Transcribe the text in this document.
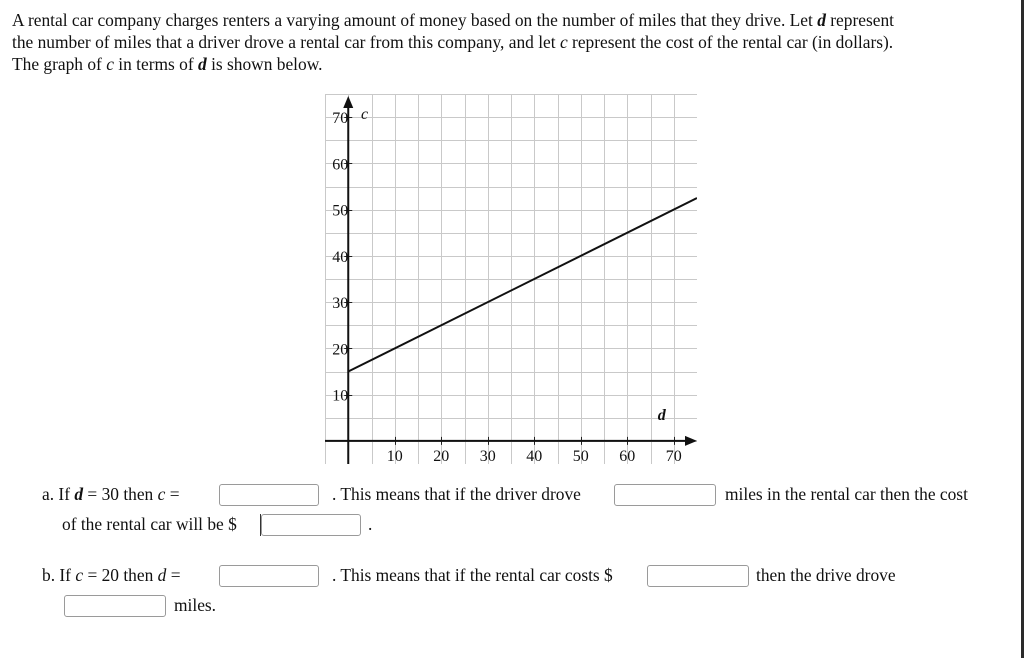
A rental car company charges renters a varying amount of money based on the number of miles that they drive. Let d represent

the number of miles that a driver drove a rental car from this company, and let c represent the cost of the rental car (in dollars).

The graph of c in terms of d is shown below.

10 20 30 40 50 60 70
10
20
30
40
50
60
70
d
c
a. If d = 30 then c =	. This means that if the driver drove	miles in the rental car then the cost
of the rental car will be $	.
b. If c = 20 then d =	. This means that if the rental car costs $	then the drive drove
miles.
